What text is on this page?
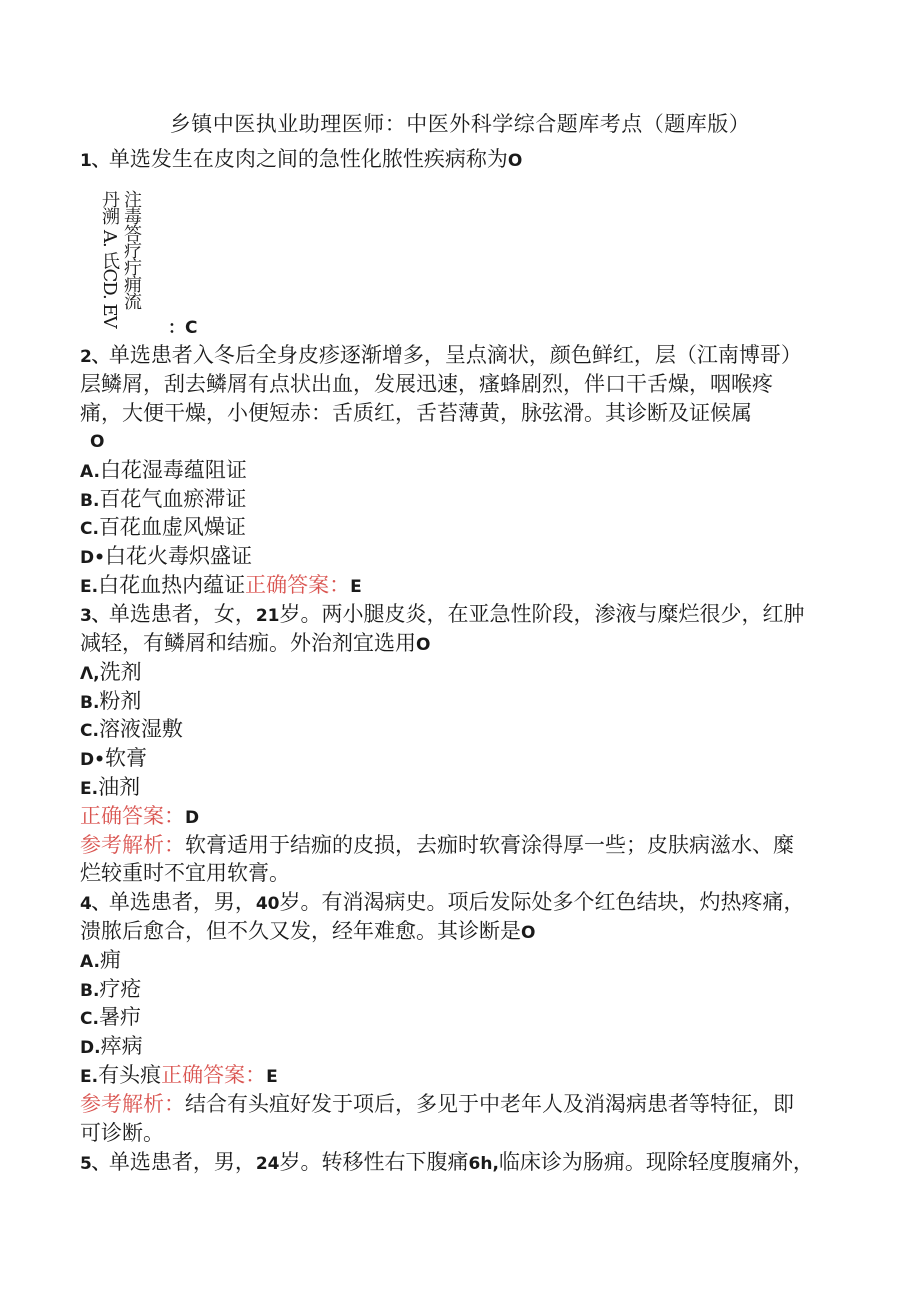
乡镇中医执业助理医师：中医外科学综合题库考点（题库版）
1、单选发生在皮肉之间的急性化脓性疾病称为O
丹溯
A. 氏CD. EV 注毒答疗疔痈流
：C
2、单选患者入冬后全身皮疹逐渐增多，呈点滴状，颜色鲜红，层（江南博哥）
层鳞屑，刮去鳞屑有点状出血，发展迅速，瘙蜂剧烈，伴口干舌燥，咽喉疼
痛，大便干燥，小便短赤：舌质红，舌苔薄黄，脉弦滑。其诊断及证候属
O
A.白花湿毒蕴阻证
B.百花气血瘀滞证
C.百花血虚风燥证
D•白花火毒炽盛证
E.白花血热内蕴证正确答案：E
3、单选患者，女，21岁。两小腿皮炎，在亚急性阶段，渗液与糜烂很少，红肿
减轻，有鳞屑和结痂。外治剂宜选用O
Λ,洗剂
B.粉剂
C.溶液湿敷
D•软膏
E.油剂
正确答案：D
参考解析：软膏适用于结痂的皮损，去痂时软膏涂得厚一些；皮肤病滋水、糜
烂较重时不宜用软膏。
4、单选患者，男，40岁。有消渴病史。项后发际处多个红色结块，灼热疼痛，
溃脓后愈合，但不久又发，经年难愈。其诊断是O
A.痈
B.疗疮
C.暑疖
D.瘁病
E.有头痕正确答案：E
参考解析：结合有头疽好发于项后，多见于中老年人及消渴病患者等特征，即
可诊断。
5、单选患者，男，24岁。转移性右下腹痛6h,临床诊为肠痈。现除轻度腹痛外，
